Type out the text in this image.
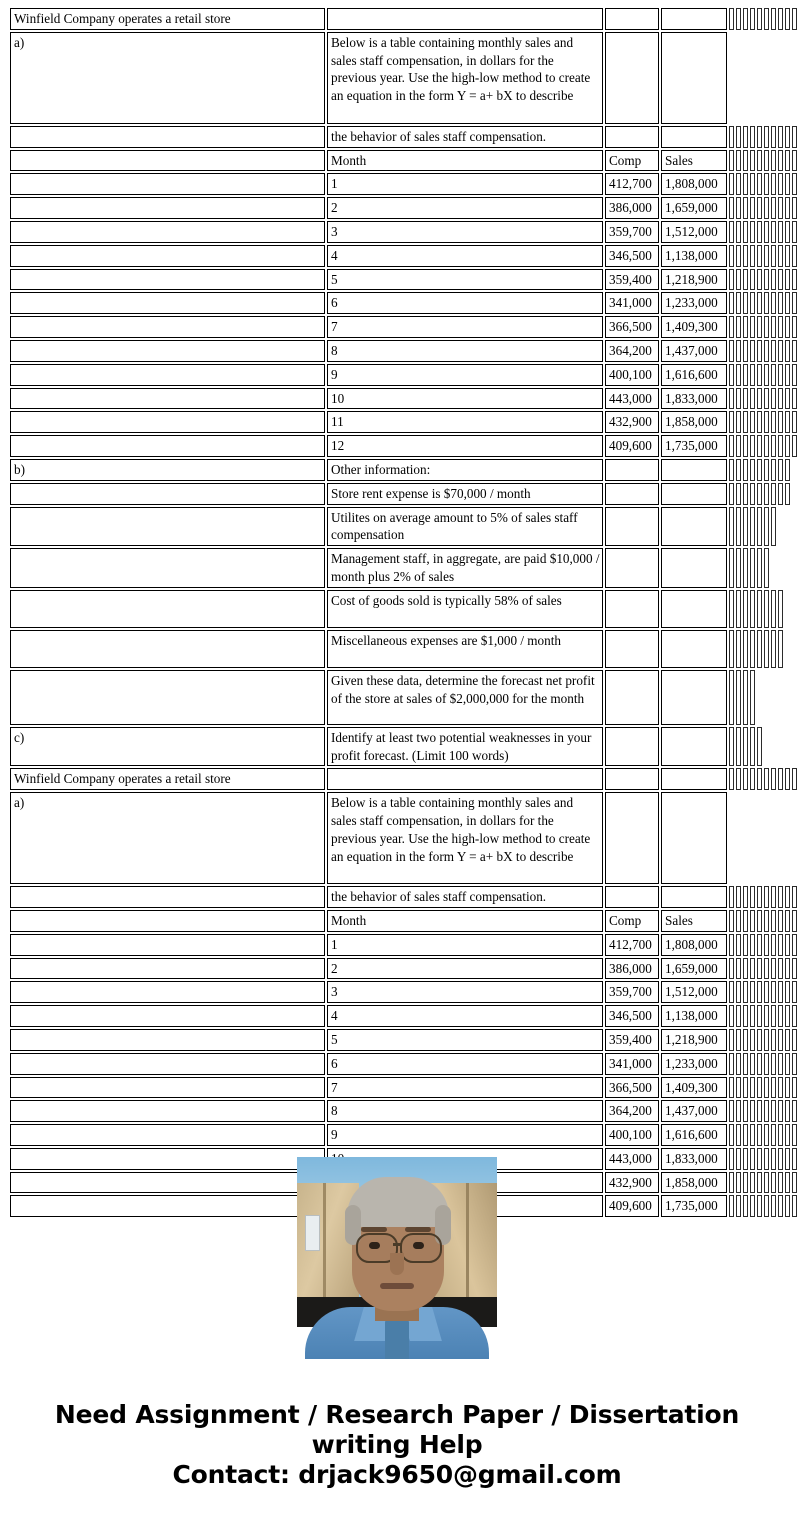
Winfield Company operates a retail store													
a)	Below is a table containing monthly sales and sales staff compensation, in dollars for the previous year. Use the high-low method to create an equation in the form Y = a+ bX to describe												
	the behavior of sales staff compensation.												
	Month	Comp	Sales										
	1	412,700	1,808,000										
	2	386,000	1,659,000										
	3	359,700	1,512,000										
	4	346,500	1,138,000										
	5	359,400	1,218,900										
	6	341,000	1,233,000										
	7	366,500	1,409,300										
	8	364,200	1,437,000										
	9	400,100	1,616,600										
	10	443,000	1,833,000										
	11	432,900	1,858,000										
	12	409,600	1,735,000										
b)	Other information:												
	Store rent expense is $70,000 / month												
	Utilites on average amount to 5% of sales staff compensation												
	Management staff, in aggregate, are paid $10,000 / month plus 2% of sales												
	Cost of goods sold is typically 58% of sales												
	Miscellaneous expenses are $1,000 / month												
	Given these data, determine the forecast net profit of the store at sales of $2,000,000 for the month												
c)	Identify at least two potential weaknesses in your profit forecast. (Limit 100 words)												
Winfield Company operates a retail store													
a)	Below is a table containing monthly sales and sales staff compensation, in dollars for the previous year. Use the high-low method to create an equation in the form Y = a+ bX to describe												
	the behavior of sales staff compensation.												
	Month	Comp	Sales										
	1	412,700	1,808,000										
	2	386,000	1,659,000										
	3	359,700	1,512,000										
	4	346,500	1,138,000										
	5	359,400	1,218,900										
	6	341,000	1,233,000										
	7	366,500	1,409,300										
	8	364,200	1,437,000										
	9	400,100	1,616,600										
		443,000	1,833,000										
		432,900	1,858,000										
		409,600	1,735,000										
Need Assignment / Research Paper / Dissertation
writing Help
Contact: drjack9650@gmail.com
